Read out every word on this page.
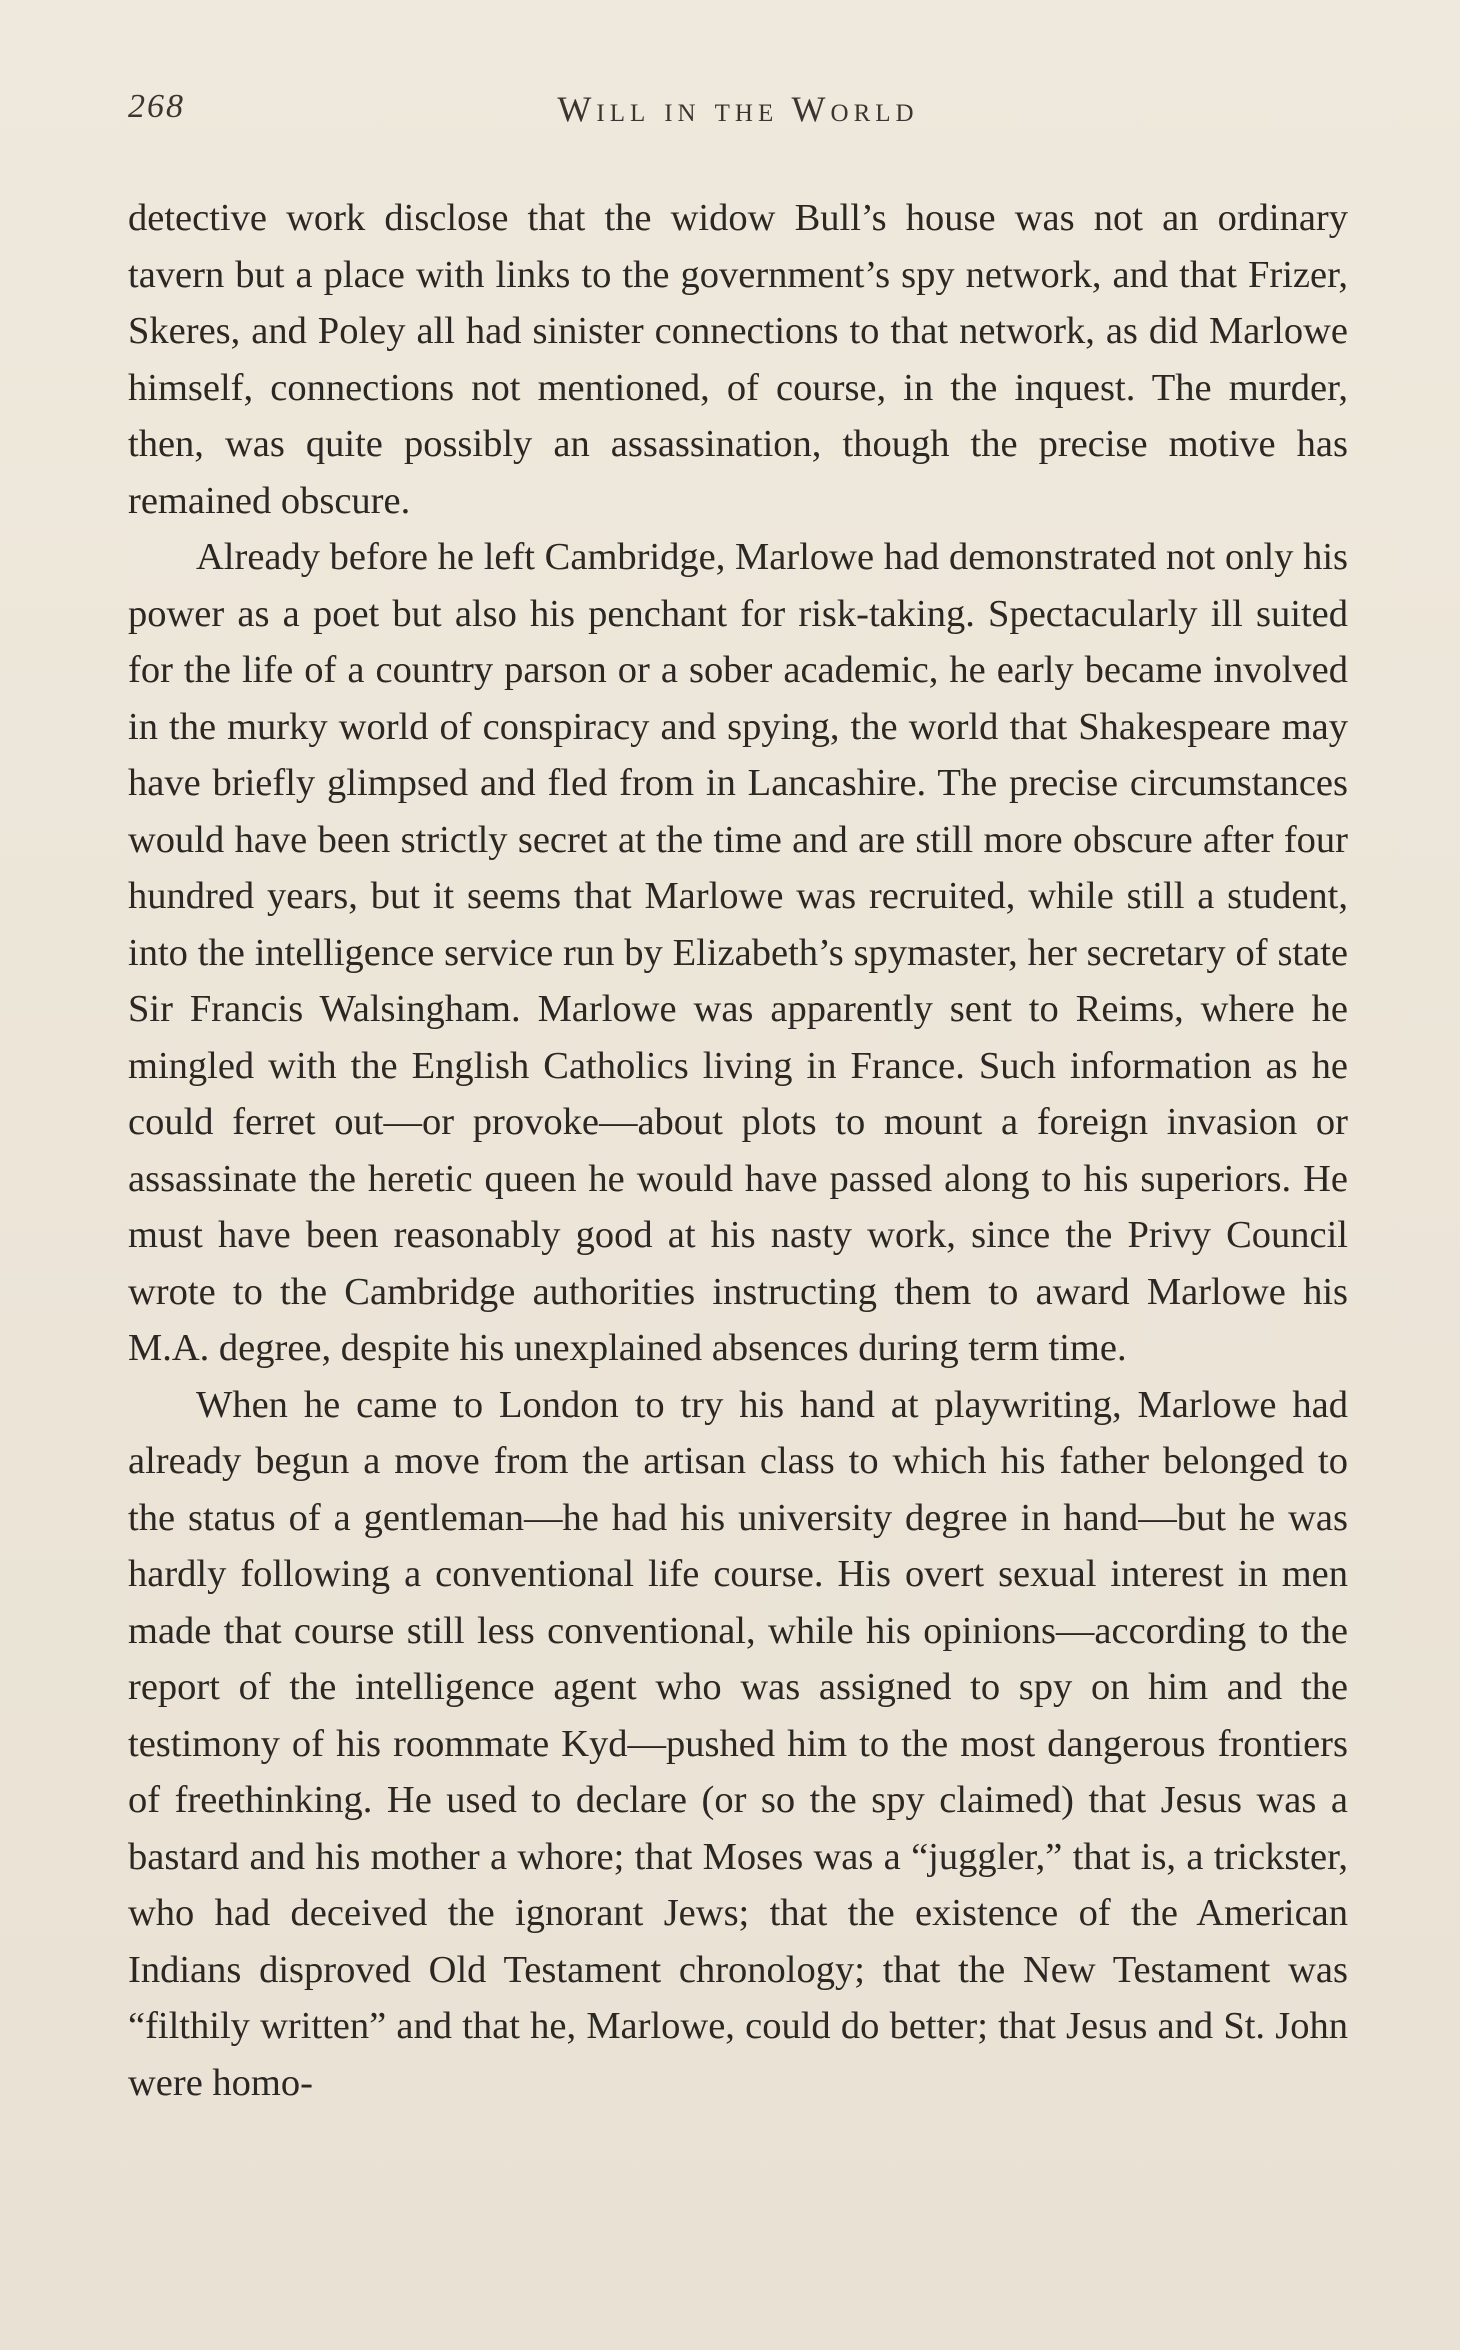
268	Will in the World

detective work disclose that the widow Bull’s house was not an ordinary tavern but a place with links to the government’s spy network, and that Frizer, Skeres, and Poley all had sinister connections to that network, as did Marlowe himself, connections not mentioned, of course, in the inquest. The murder, then, was quite possibly an assassination, though the precise motive has remained obscure.

Already before he left Cambridge, Marlowe had demonstrated not only his power as a poet but also his penchant for risk-taking. Spectacularly ill suited for the life of a country parson or a sober academic, he early became involved in the murky world of conspiracy and spying, the world that Shakespeare may have briefly glimpsed and fled from in Lancashire. The precise circumstances would have been strictly secret at the time and are still more obscure after four hundred years, but it seems that Marlowe was recruited, while still a student, into the intelligence service run by Elizabeth’s spymaster, her secretary of state Sir Francis Walsingham. Marlowe was apparently sent to Reims, where he mingled with the English Catholics living in France. Such information as he could ferret out—or provoke—about plots to mount a foreign invasion or assassinate the heretic queen he would have passed along to his superiors. He must have been reasonably good at his nasty work, since the Privy Council wrote to the Cambridge authorities instructing them to award Marlowe his M.A. degree, despite his unexplained absences during term time.

When he came to London to try his hand at playwriting, Marlowe had already begun a move from the artisan class to which his father belonged to the status of a gentleman—he had his university degree in hand—but he was hardly following a conventional life course. His overt sexual interest in men made that course still less conventional, while his opinions—according to the report of the intelligence agent who was assigned to spy on him and the testimony of his roommate Kyd—pushed him to the most dangerous frontiers of freethinking. He used to declare (or so the spy claimed) that Jesus was a bastard and his mother a whore; that Moses was a “juggler,” that is, a trickster, who had deceived the ignorant Jews; that the existence of the American Indians disproved Old Testament chronology; that the New Testament was “filthily written” and that he, Marlowe, could do better; that Jesus and St. John were homo-
